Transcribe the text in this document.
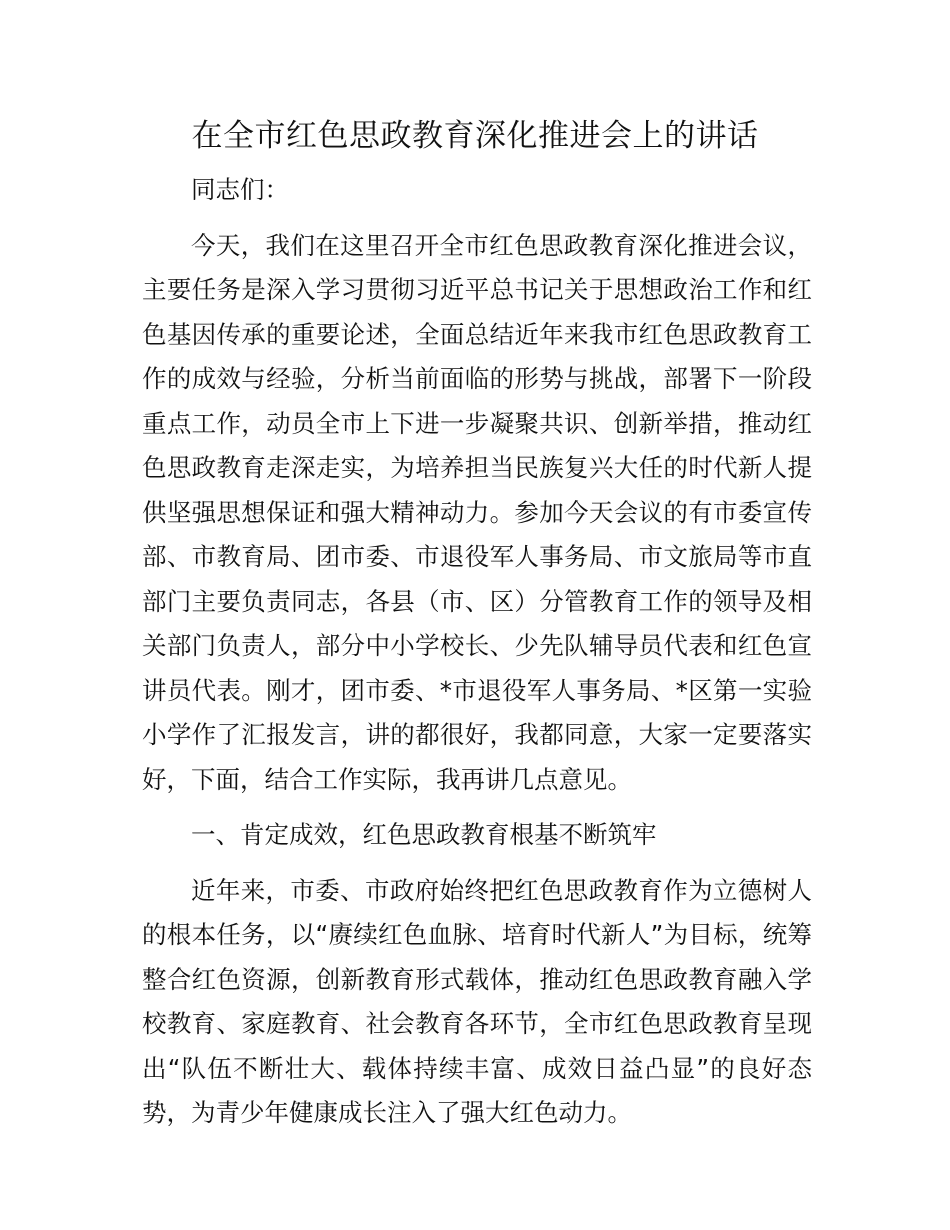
在全市红色思政教育深化推进会上的讲话

同志们：

今天，我们在这里召开全市红色思政教育深化推进会议，主要任务是深入学习贯彻习近平总书记关于思想政治工作和红色基因传承的重要论述，全面总结近年来我市红色思政教育工作的成效与经验，分析当前面临的形势与挑战，部署下一阶段重点工作，动员全市上下进一步凝聚共识、创新举措，推动红色思政教育走深走实，为培养担当民族复兴大任的时代新人提供坚强思想保证和强大精神动力。参加今天会议的有市委宣传部、市教育局、团市委、市退役军人事务局、市文旅局等市直部门主要负责同志，各县（市、区）分管教育工作的领导及相关部门负责人，部分中小学校长、少先队辅导员代表和红色宣讲员代表。刚才，团市委、*市退役军人事务局、*区第一实验小学作了汇报发言，讲的都很好，我都同意，大家一定要落实好，下面，结合工作实际，我再讲几点意见。

一、肯定成效，红色思政教育根基不断筑牢

近年来，市委、市政府始终把红色思政教育作为立德树人的根本任务，以“赓续红色血脉、培育时代新人”为目标，统筹整合红色资源，创新教育形式载体，推动红色思政教育融入学校教育、家庭教育、社会教育各环节，全市红色思政教育呈现出“队伍不断壮大、载体持续丰富、成效日益凸显”的良好态势，为青少年健康成长注入了强大红色动力。
